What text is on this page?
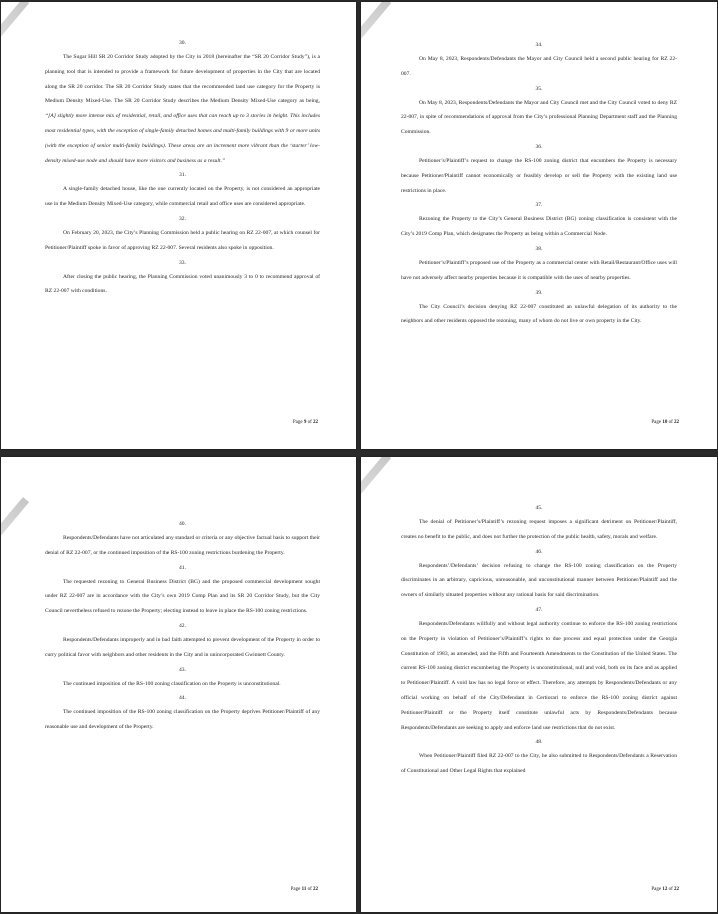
30.

The Sugar Hill SR 20 Corridor Study adopted by the City in 2018 (hereinafter the “SR 20 Corridor Study”), is a planning tool that is intended to provide a framework for future development of properties in the City that are located along the SR 20 corridor. The SR 20 Corridor Study states that the recommended land use category for the Property is Medium Density Mixed-Use. The SR 20 Corridor Study describes the Medium Density Mixed-Use category as being, “[A] slightly more intense mix of residential, retail, and office uses that can reach up to 3 stories in height. This includes most residential types, with the exception of single-family detached homes and multi-family buildings with 9 or more units (with the exception of senior multi-family buildings). These areas are an increment more vibrant than the ‘starter’ low-density mixed-use node and should have more visitors and business as a result.”

31.

A single-family detached house, like the one currently located on the Property, is not considered an appropriate use in the Medium Density Mixed-Use category, while commercial retail and office uses are considered appropriate.

32.

On February 20, 2023, the City’s Planning Commission held a public hearing on RZ 22-007, at which counsel for Petitioner/Plaintiff spoke in favor of approving RZ 22-007. Several residents also spoke in opposition.

33.

After closing the public hearing, the Planning Commission voted unanimously 3 to 0 to recommend approval of RZ 22-007 with conditions.

Page 9 of 22

34.

On May 8, 2023, Respondents/Defendants the Mayor and City Council held a second public hearing for RZ 22-007.

35.

On May 8, 2023, Respondents/Defendants the Mayor and City Council met and the City Council voted to deny RZ 22-007, in spite of recommendations of approval from the City’s professional Planning Department staff and the Planning Commission.

36.

Petitioner’s/Plaintiff’s request to change the RS-100 zoning district that encumbers the Property is necessary because Petitioner/Plaintiff cannot economically or feasibly develop or sell the Property with the existing land use restrictions in place.

37.

Rezoning the Property to the City’s General Business District (BG) zoning classification is consistent with the City’s 2019 Comp Plan, which designates the Property as being within a Commercial Node.

38.

Petitioner’s/Plaintiff’s proposed use of the Property as a commercial center with Retail/Restaurant/Office uses will have not adversely affect nearby properties because it is compatible with the uses of nearby properties.

39.

The City Council’s decision denying RZ 22-007 constituted an unlawful delegation of its authority to the neighbors and other residents opposed the rezoning, many of whom do not live or own property in the City.

Page 10 of 22

40.

Respondents/Defendants have not articulated any standard or criteria or any objective factual basis to support their denial of RZ 22-007, or the continued imposition of the RS-100 zoning restrictions burdening the Property.

41.

The requested rezoning to General Business District (BG) and the proposed commercial development sought under RZ 22-007 are in accordance with the City’s own 2019 Comp Plan and its SR 20 Corridor Study, but the City Council nevertheless refused to rezone the Property; electing instead to leave in place the RS-100 zoning restrictions.

42.

Respondents/Defendants improperly and in bad faith attempted to prevent development of the Property in order to curry political favor with neighbors and other residents in the City and in unincorporated Gwinnett County.

43.

The continued imposition of the RS-100 zoning classification on the Property is unconstitutional.

44.

The continued imposition of the RS-100 zoning classification on the Property deprives Petitioner/Plaintiff of any reasonable use and development of the Property.

Page 11 of 22

45.

The denial of Petitioner’s/Plaintiff’s rezoning request imposes a significant detriment on Petitioner/Plaintiff, creates no benefit to the public, and does not further the protection of the public health, safety, morals and welfare.

46.

Respondents’/Defendants’ decision refusing to change the RS-100 zoning classification on the Property discriminates in an arbitrary, capricious, unreasonable, and unconstitutional manner between Petitioner/Plaintiff and the owners of similarly situated properties without any rational basis for said discrimination.

47.

Respondents/Defendants willfully and without legal authority continue to enforce the RS-100 zoning restrictions on the Property in violation of Petitioner’s/Plaintiff’s rights to due process and equal protection under the Georgia Constitution of 1983, as amended, and the Fifth and Fourteenth Amendments to the Constitution of the United States. The current RS-100 zoning district encumbering the Property is unconstitutional, null and void, both on its face and as applied to Petitioner/Plaintiff. A void law has no legal force or effect. Therefore, any attempts by Respondents/Defendants or any official working on behalf of the City/Defendant in Certiorari to enforce the RS-100 zoning district against Petitioner/Plaintiff or the Property itself constitute unlawful acts by Respondents/Defendants because Respondents/Defendants are seeking to apply and enforce land use restrictions that do not exist.

48.

When Petitioner/Plaintiff filed RZ 22-007 to the City, he also submitted to Respondents/Defendants a Reservation of Constitutional and Other Legal Rights that explained

Page 12 of 22
